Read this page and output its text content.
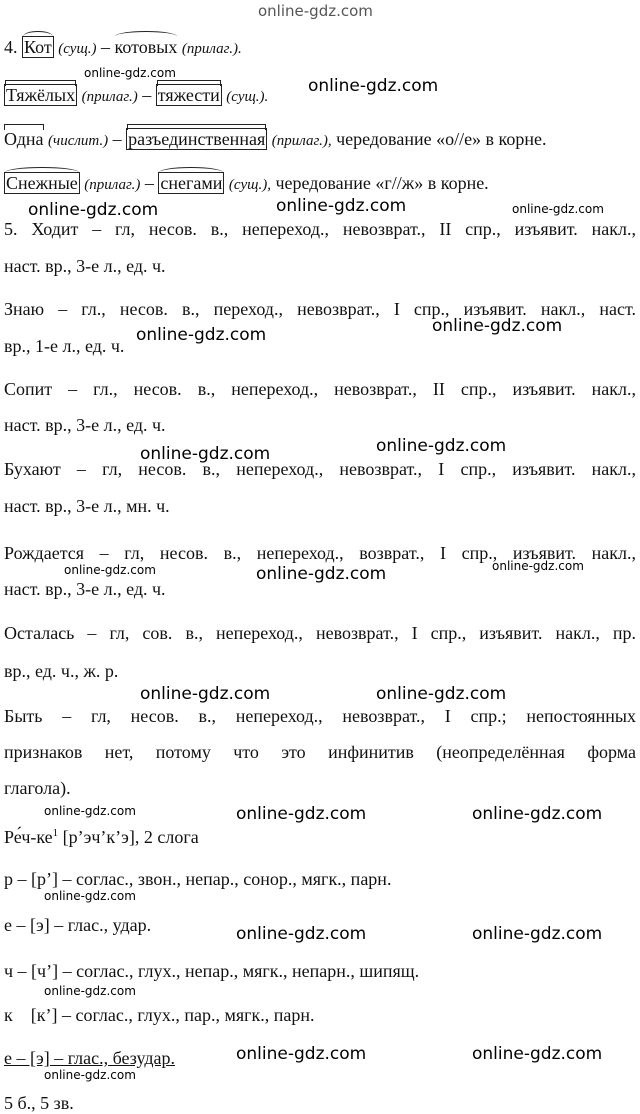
online-gdz.com
4. Кот (сущ.) – котовых (прилаг.).
Тяжёлых (прилаг.) – тяжести (сущ.).
Одна (числит.) – разъединственная (прилаг.), чередование «о//е» в корне.
Снежные (прилаг.) – снегами (сущ.), чередование «г//ж» в корне.
5. Ходит – гл, несов. в., непереход., невозврат., II спр., изъявит. накл.,
наст. вр., 3-е л., ед. ч.
Знаю – гл., несов. в., переход., невозврат., I спр., изъявит. накл., наст.
вр., 1-е л., ед. ч.
Сопит – гл., несов. в., непереход., невозврат., II спр., изъявит. накл.,
наст. вр., 3-е л., ед. ч.
Бухают – гл, несов. в., непереход., невозврат., I спр., изъявит. накл.,
наст. вр., 3-е л., мн. ч.
Рождается – гл, несов. в., непереход., возврат., I спр., изъявит. накл.,
наст. вр., 3-е л., ед. ч.
Осталась – гл, сов. в., непереход., невозврат., I спр., изъявит. накл., пр.
вр., ед. ч., ж. р.
Быть – гл, несов. в., непереход., невозврат., I спр.; непостоянных
признаков нет, потому что это инфинитив (неопределённая форма
глагола).
$Ре́ч-ке^1$ [р’эч’к’э], 2 слога
р – [р’] – соглас., звон., непар., сонор., мягк., парн.
е – [э] – глас., удар.
ч – [ч’] – соглас., глух., непар., мягк., непарн., шипящ.
к    [к’] – соглас., глух., пар., мягк., парн.
е – [э] – глас., безудар.
5 б., 5 зв.
online-gdz.com
online-gdz.com
online-gdz.com	online-gdz.com	online-gdz.com
online-gdz.com	online-gdz.com
online-gdz.com	online-gdz.com
online-gdz.com	online-gdz.com	online-gdz.com
online-gdz.com	online-gdz.com
online-gdz.com	online-gdz.com	online-gdz.com
online-gdz.com
online-gdz.com	online-gdz.com
online-gdz.com
online-gdz.com	online-gdz.com
online-gdz.com
